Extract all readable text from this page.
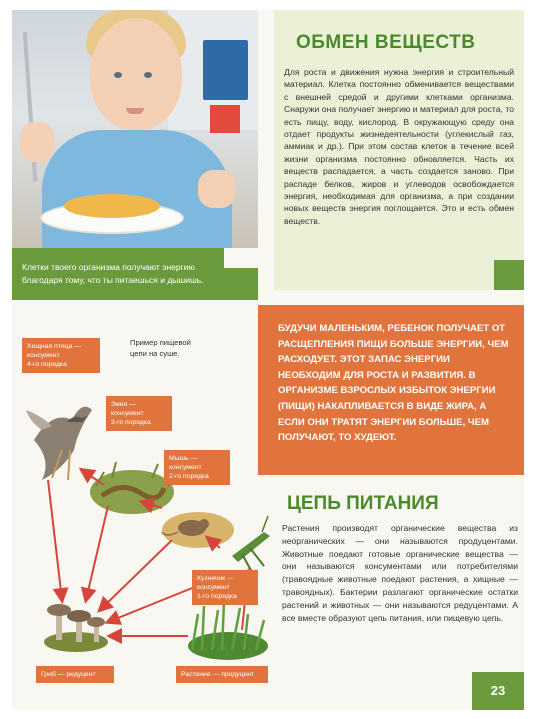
Клетки твоего организма получают энергию
благодаря тому, что ты питаешься и дышишь.
ОБМЕН ВЕЩЕСТВ
Для роста и движения нужна энергия и строительный материал. Клетка постоянно обменивается веществами с внешней средой и другими клетками организма. Снаружи она получает энергию и материал для роста, то есть пищу, воду, кислород. В окружающую среду она отдает продукты жизнедеятельности (углекислый газ, аммиак и др.). При этом состав клеток в течение всей жизни организма постоянно обновляется. Часть их веществ распадается, а часть создается заново. При распаде белков, жиров и углеводов освобождается энергия, необходимая для организма, а при создании новых веществ энергия поглощается. Это и есть обмен веществ.
БУДУЧИ МАЛЕНЬКИМ, РЕБЕНОК ПОЛУЧАЕТ ОТ РАСЩЕПЛЕНИЯ ПИЩИ БОЛЬШЕ ЭНЕРГИИ, ЧЕМ РАСХОДУЕТ. ЭТОТ ЗАПАС ЭНЕРГИИ НЕОБХОДИМ ДЛЯ РОСТА И РАЗВИТИЯ. В ОРГАНИЗМЕ ВЗРОСЛЫХ ИЗБЫТОК ЭНЕРГИИ (ПИЩИ) НАКАПЛИВАЕТСЯ В ВИДЕ ЖИРА, А ЕСЛИ ОНИ ТРАТЯТ ЭНЕРГИИ БОЛЬШЕ, ЧЕМ ПОЛУЧАЮТ, ТО ХУДЕЮТ.
ЦЕПЬ ПИТАНИЯ
Растения производят органические вещества из неорганических — они называются продуцентами. Животные поедают готовые органические вещества — они называются консументами или потребителями (травоядные животные поедают растения, а хищные — травоядных). Бактерии разлагают органические остатки растений и животных — они называются редуцентами. А все вместе образуют цепь питания, или пищевую цепь.
23
Пример пищевой
цепи на суше.
Хищная птица —
консумент
4-го порядка
Змея —
консумент
3-го порядка
Мышь —
консумент
2-го порядка
Кузнечик —
консумент
1-го порядка
Гриб — редуцент	Растение — продуцент
